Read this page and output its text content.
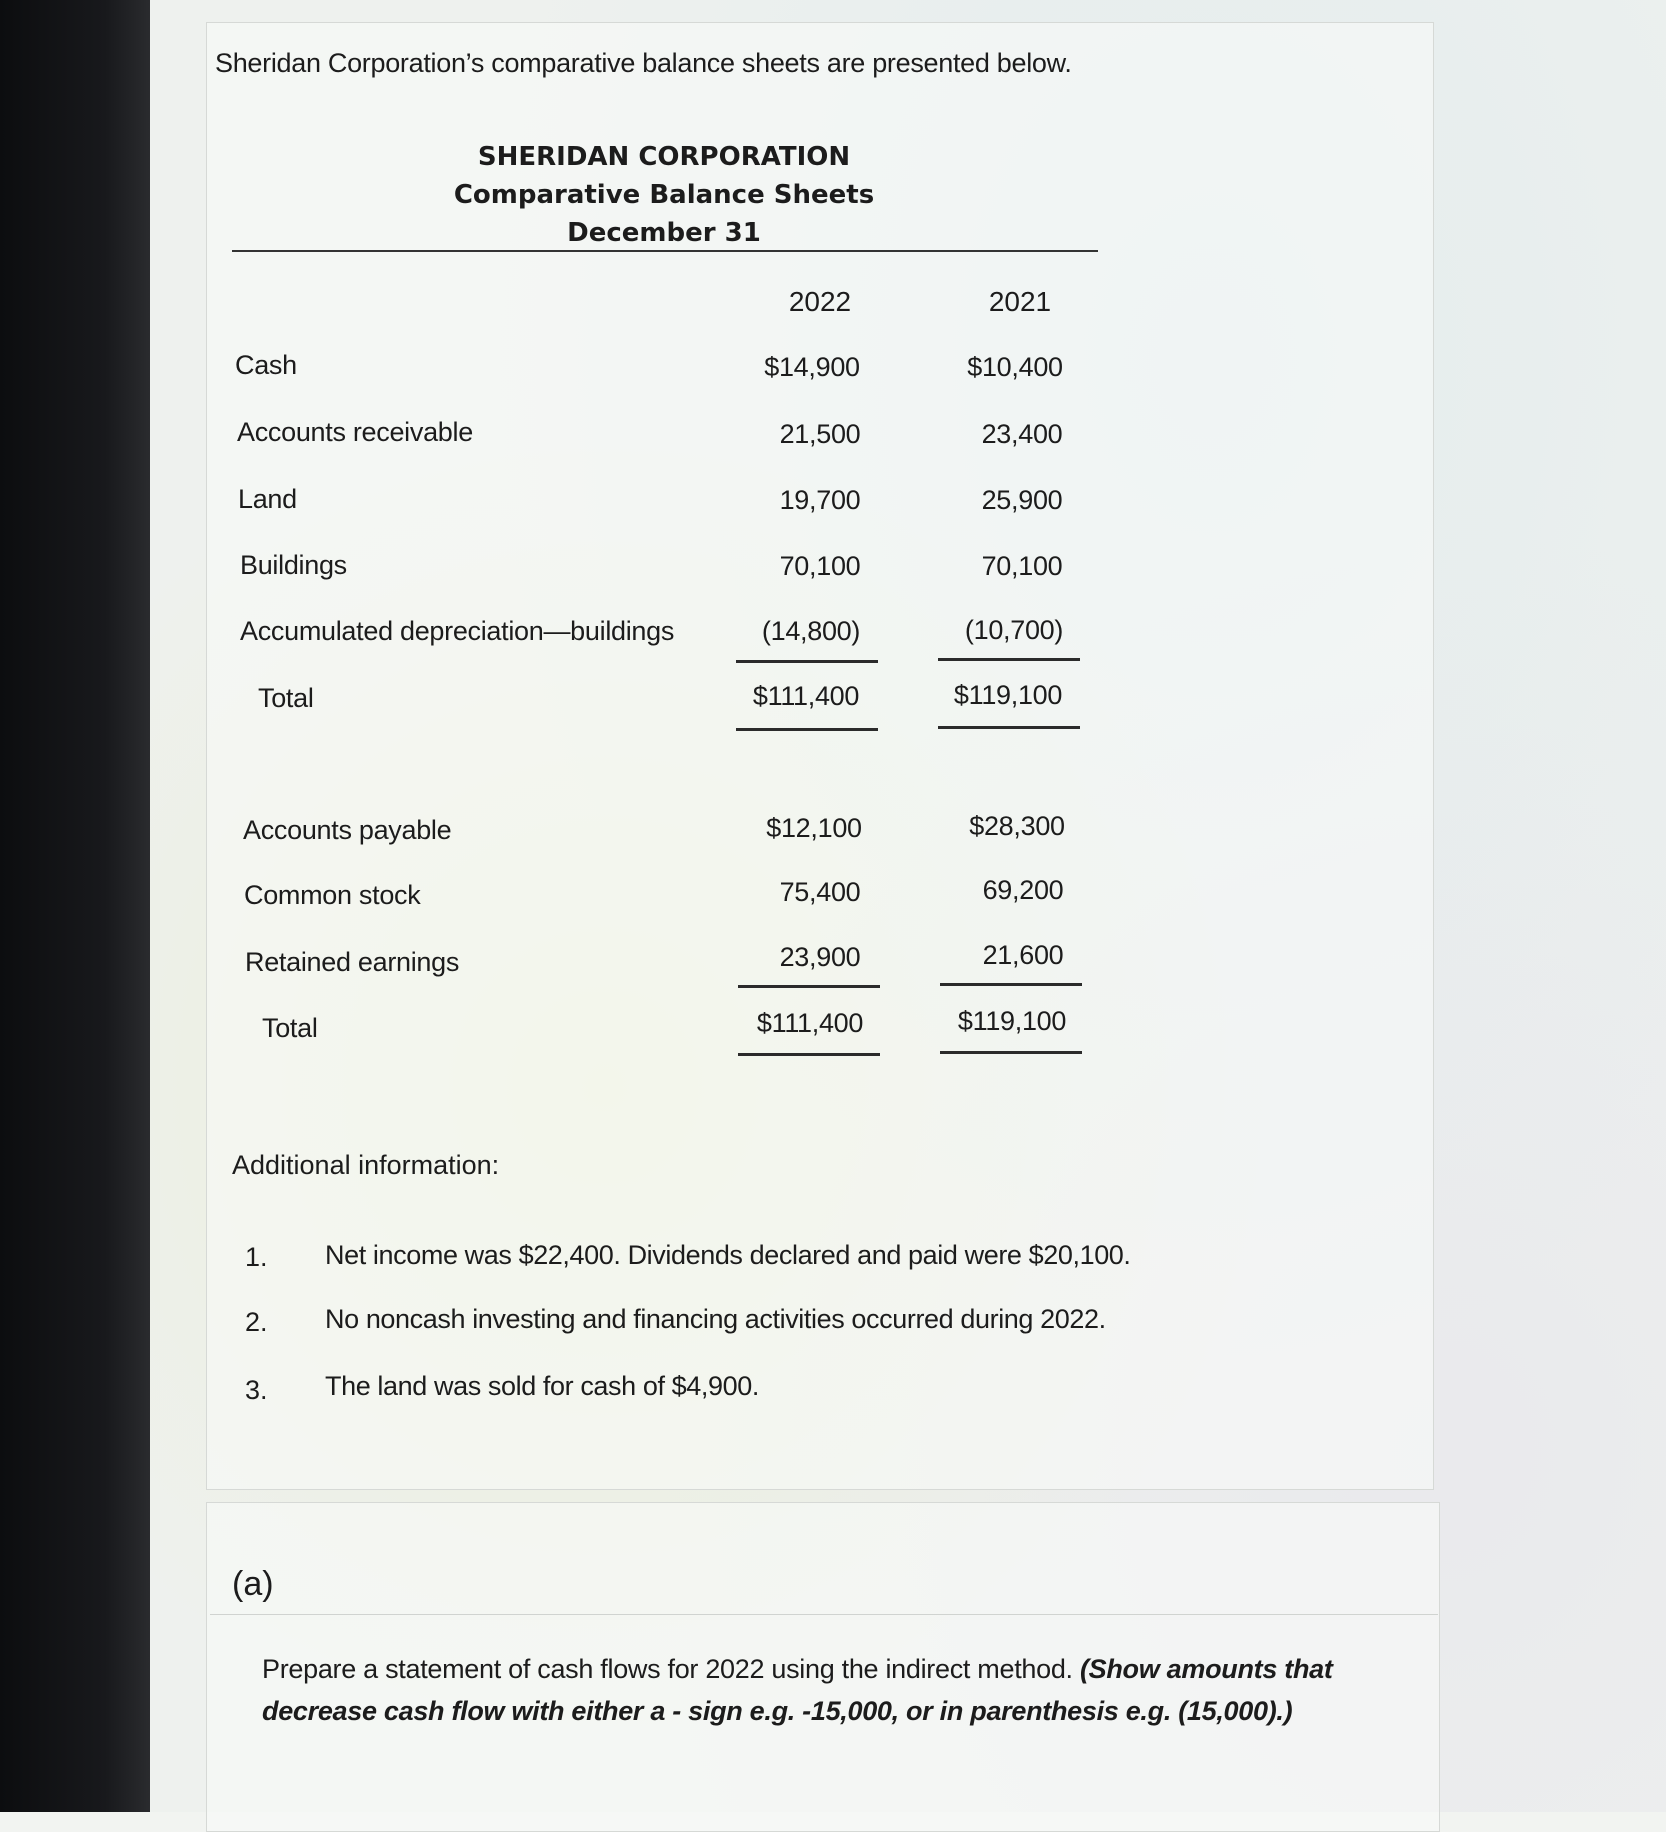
Sheridan Corporation’s comparative balance sheets are presented below.
SHERIDAN CORPORATION
Comparative Balance Sheets
December 31
2022	2021
Cash	$14,900	$10,400
Accounts receivable	21,500	23,400
Land	19,700	25,900
Buildings	70,100	70,100
Accumulated depreciation—buildings	(14,800)	(10,700)
Total	$111,400	$119,100
Accounts payable	$12,100	$28,300
Common stock	75,400	69,200
Retained earnings	23,900	21,600
Total	$111,400	$119,100
Additional information:
1. Net income was $22,400. Dividends declared and paid were $20,100.
2. No noncash investing and financing activities occurred during 2022.
3. The land was sold for cash of $4,900.
(a)
Prepare a statement of cash flows for 2022 using the indirect method. (Show amounts that decrease cash flow with either a - sign e.g. -15,000, or in parenthesis e.g. (15,000).)
